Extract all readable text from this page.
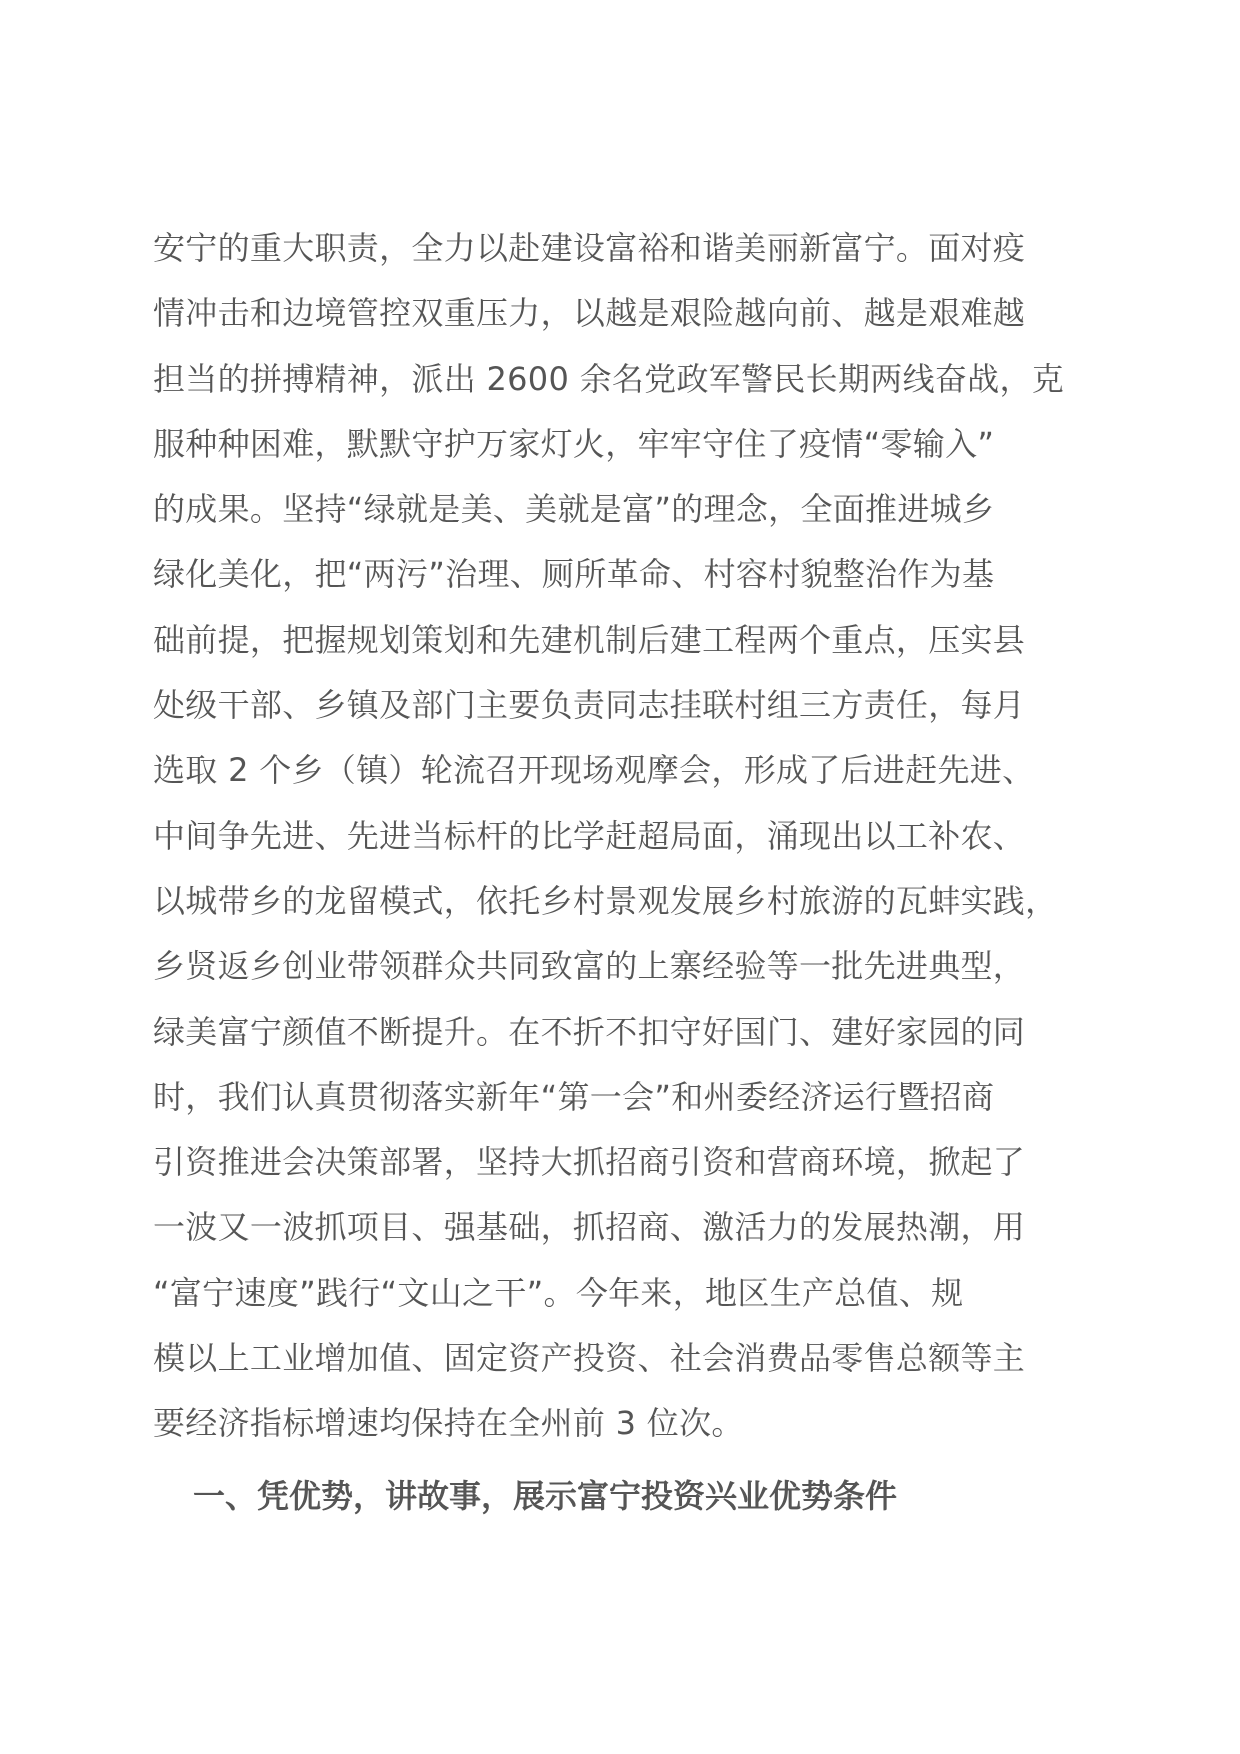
安宁的重大职责，全力以赴建设富裕和谐美丽新富宁。面对疫
情冲击和边境管控双重压力，以越是艰险越向前、越是艰难越
担当的拼搏精神，派出 2600 余名党政军警民长期两线奋战，克
服种种困难，默默守护万家灯火，牢牢守住了疫情“零输入”
的成果。坚持“绿就是美、美就是富”的理念，全面推进城乡
绿化美化，把“两污”治理、厕所革命、村容村貌整治作为基
础前提，把握规划策划和先建机制后建工程两个重点，压实县
处级干部、乡镇及部门主要负责同志挂联村组三方责任，每月
选取 2 个乡（镇）轮流召开现场观摩会，形成了后进赶先进、
中间争先进、先进当标杆的比学赶超局面，涌现出以工补农、
以城带乡的龙留模式，依托乡村景观发展乡村旅游的瓦蚌实践，
乡贤返乡创业带领群众共同致富的上寨经验等一批先进典型，
绿美富宁颜值不断提升。在不折不扣守好国门、建好家园的同
时，我们认真贯彻落实新年“第一会”和州委经济运行暨招商
引资推进会决策部署，坚持大抓招商引资和营商环境，掀起了
一波又一波抓项目、强基础，抓招商、激活力的发展热潮，用
“富宁速度”践行“文山之干”。今年来，地区生产总值、规
模以上工业增加值、固定资产投资、社会消费品零售总额等主
要经济指标增速均保持在全州前 3 位次。
一、凭优势，讲故事，展示富宁投资兴业优势条件
